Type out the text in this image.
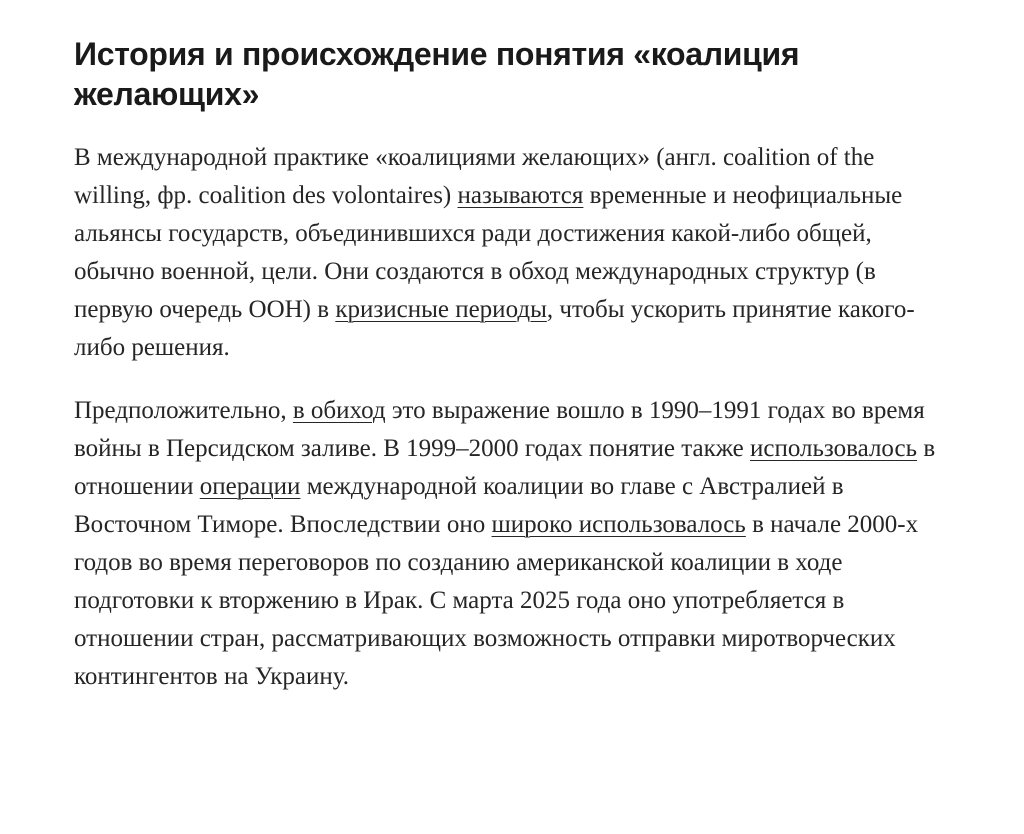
История и происхождение понятия «коалиция желающих»

В международной практике «коалициями желающих» (англ. coalition of the willing, фр. coalition des volontaires) называются временные и неофициальные альянсы государств, объединившихся ради достижения какой-либо общей, обычно военной, цели. Они создаются в обход международных структур (в первую очередь ООН) в кризисные периоды, чтобы ускорить принятие какого-либо решения.

Предположительно, в обиход это выражение вошло в 1990–1991 годах во время войны в Персидском заливе. В 1999–2000 годах понятие также использовалось в отношении операции международной коалиции во главе с Австралией в Восточном Тиморе. Впоследствии оно широко использовалось в начале 2000-х годов во время переговоров по созданию американской коалиции в ходе подготовки к вторжению в Ирак. С марта 2025 года оно употребляется в отношении стран, рассматривающих возможность отправки миротворческих контингентов на Украину.
